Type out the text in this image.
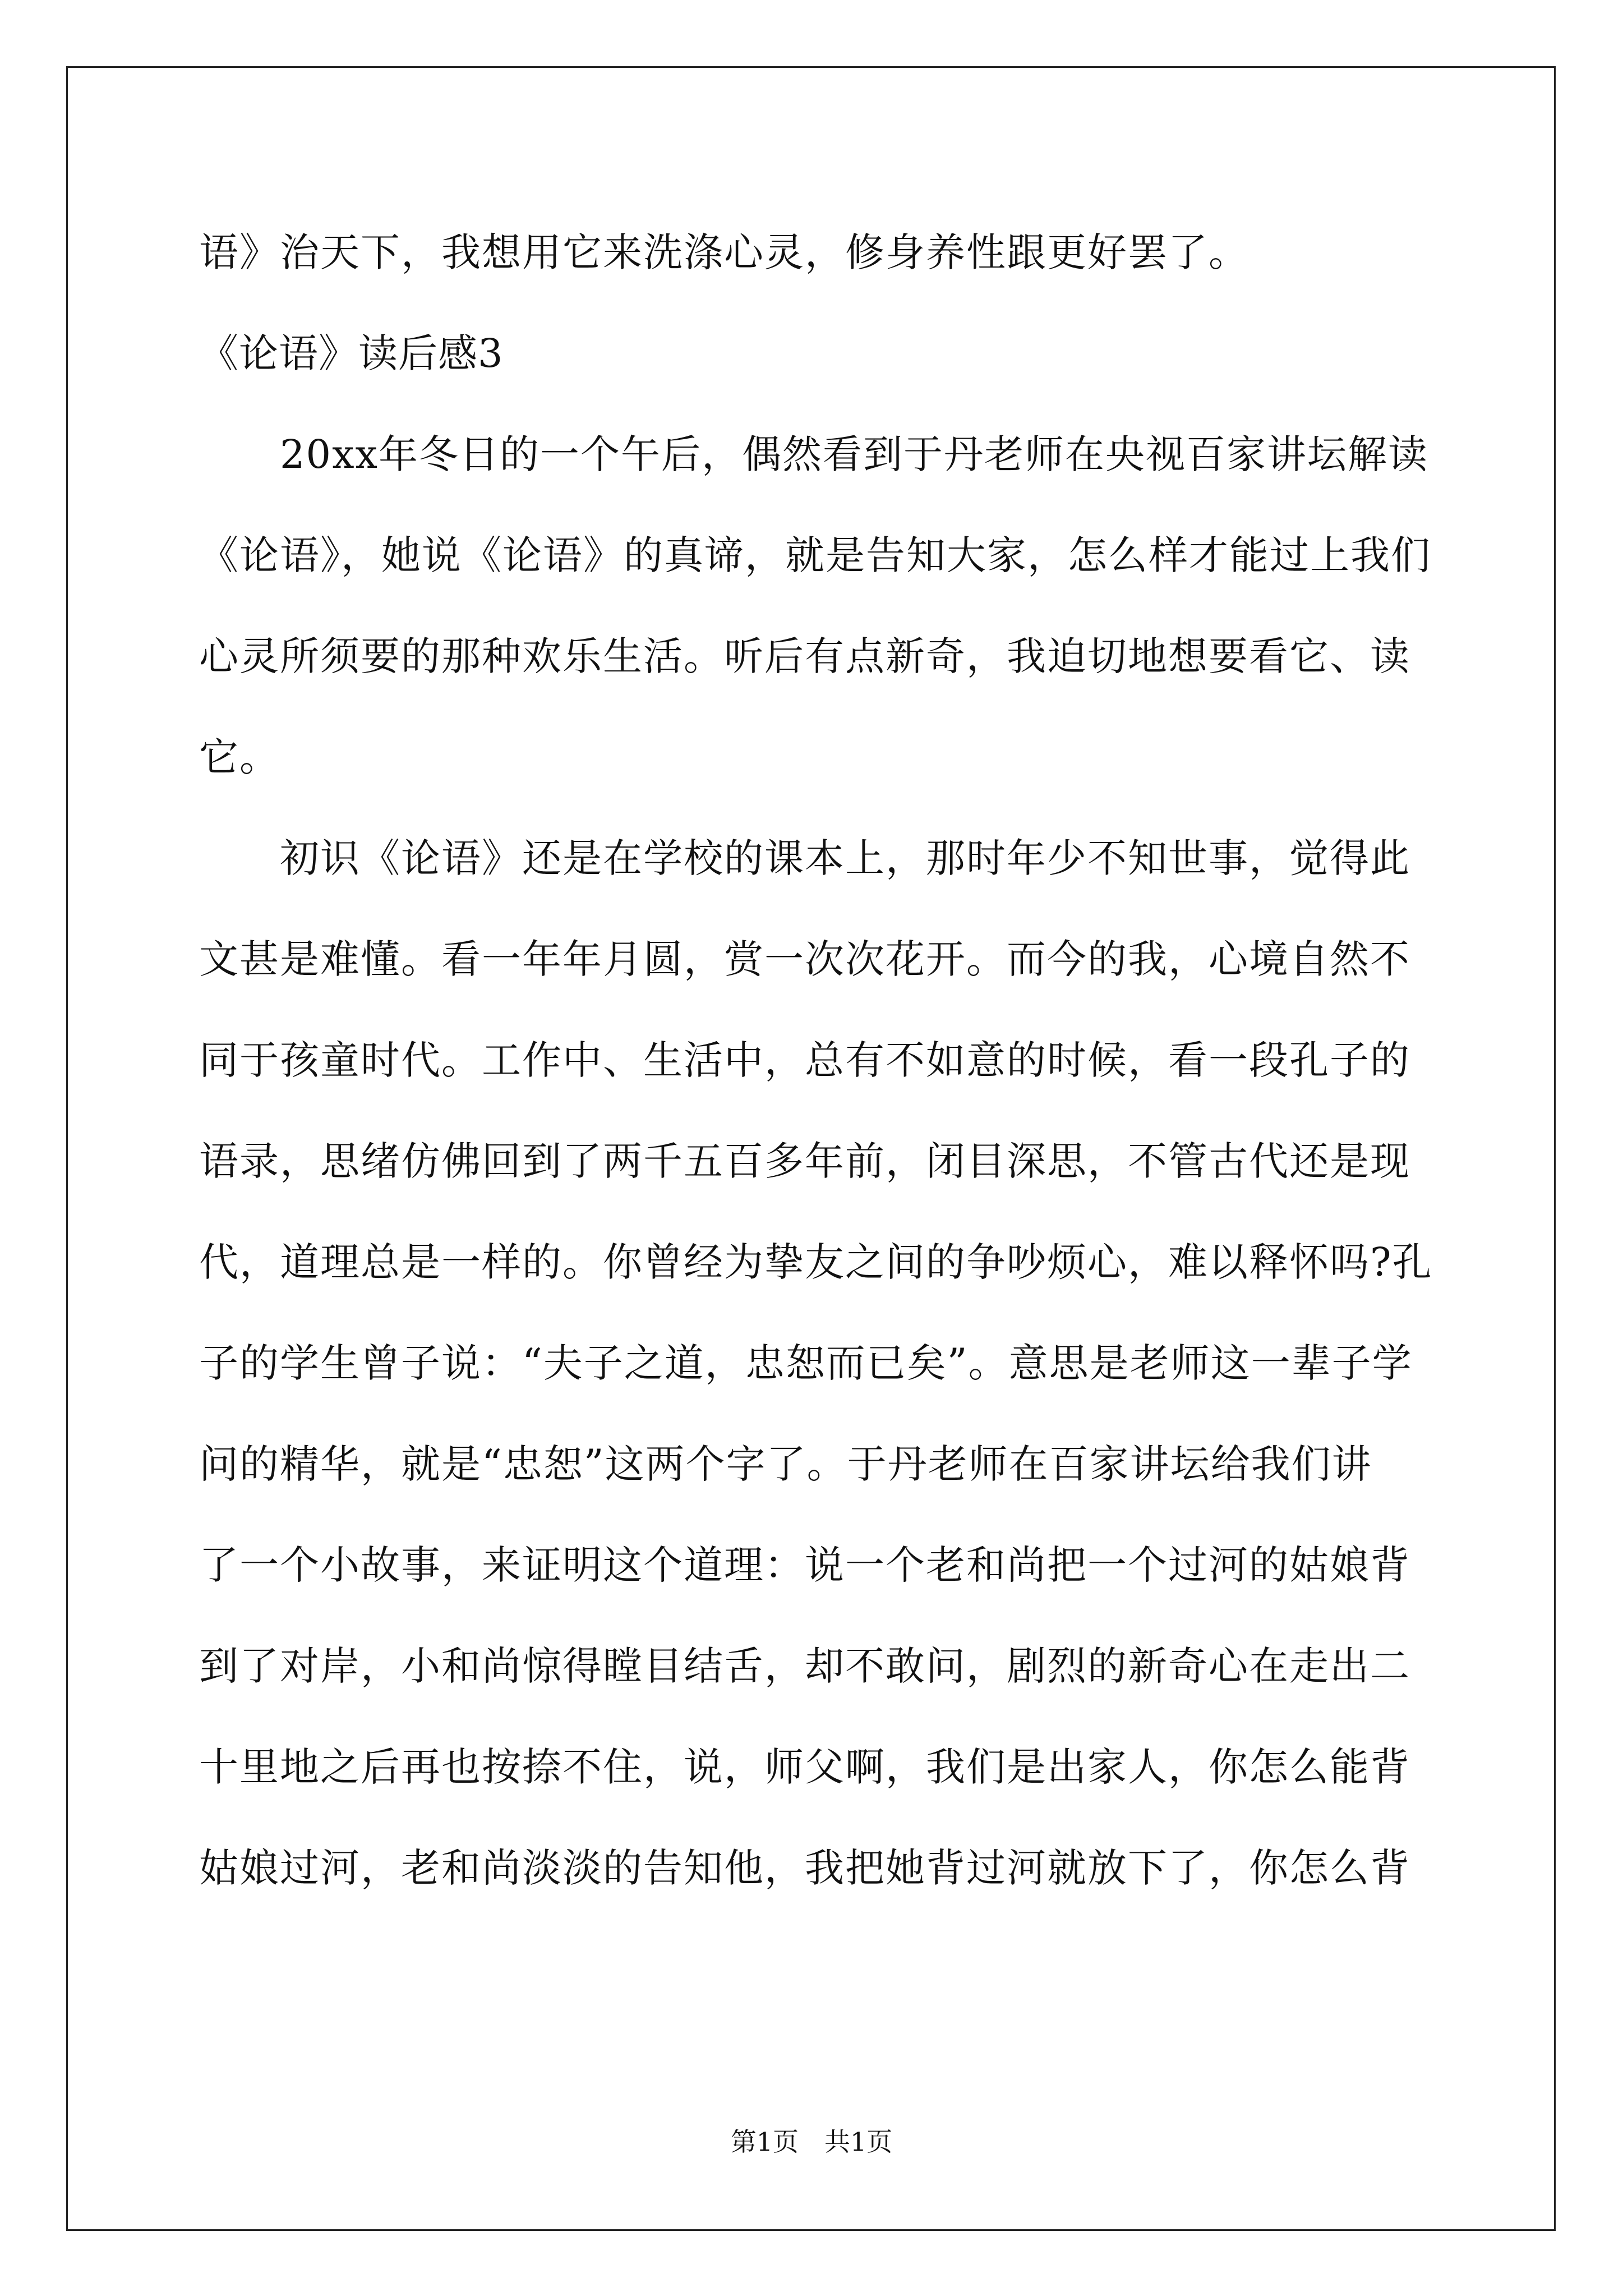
语》治天下，我想用它来洗涤心灵，修身养性跟更好罢了。
《论语》读后感3
　　20xx年冬日的一个午后，偶然看到于丹老师在央视百家讲坛解读
《论语》，她说《论语》的真谛，就是告知大家，怎么样才能过上我们
心灵所须要的那种欢乐生活。听后有点新奇，我迫切地想要看它、读
它。
　　初识《论语》还是在学校的课本上，那时年少不知世事，觉得此
文甚是难懂。看一年年月圆，赏一次次花开。而今的我，心境自然不
同于孩童时代。工作中、生活中，总有不如意的时候，看一段孔子的
语录，思绪仿佛回到了两千五百多年前，闭目深思，不管古代还是现
代，道理总是一样的。你曾经为挚友之间的争吵烦心，难以释怀吗?孔
子的学生曾子说：“夫子之道，忠恕而已矣”。意思是老师这一辈子学
问的精华，就是“忠恕”这两个字了。于丹老师在百家讲坛给我们讲
了一个小故事，来证明这个道理：说一个老和尚把一个过河的姑娘背
到了对岸，小和尚惊得瞠目结舌，却不敢问，剧烈的新奇心在走出二
十里地之后再也按捺不住，说，师父啊，我们是出家人，你怎么能背
姑娘过河，老和尚淡淡的告知他，我把她背过河就放下了，你怎么背
第1页　共1页
